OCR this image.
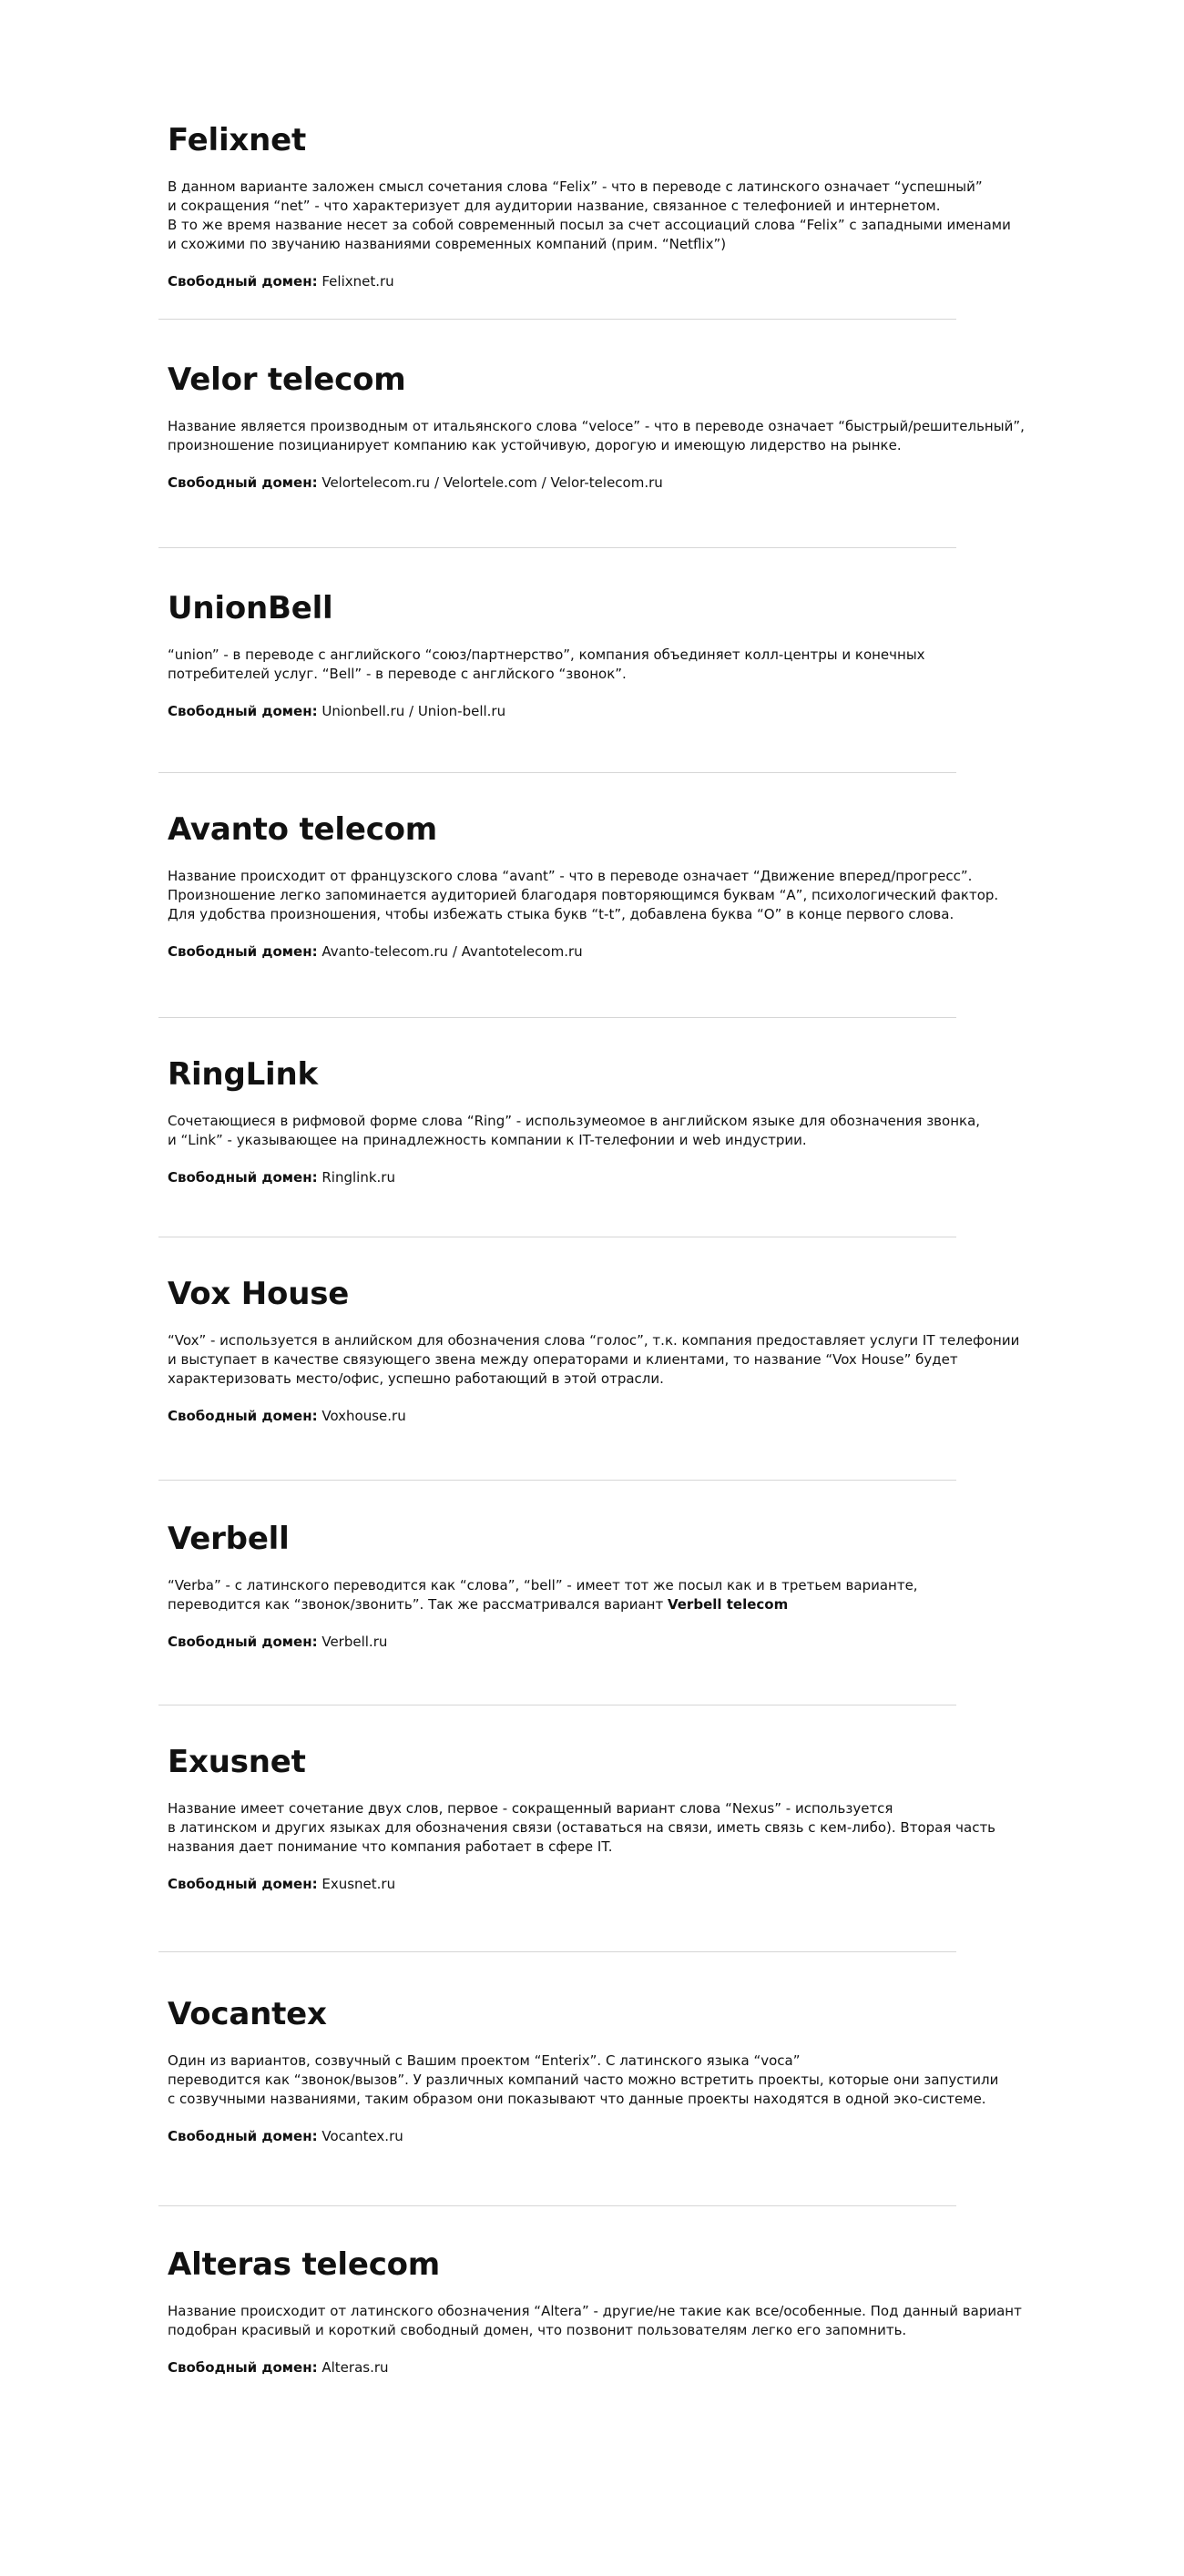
Felixnet
В данном варианте заложен смысл сочетания слова “Felix” - что в переводе с латинского означает “успешный”
и сокращения “net” - что характеризует для аудитории название, связанное с телефонией и интернетом.
В то же время название несет за собой современный посыл за счет ассоциаций слова “Felix” с западными именами
и схожими по звучанию названиями современных компаний (прим. “Netflix”)
Свободный домен: Felixnet.ru
Velor telecom
Название является производным от итальянского слова “veloce” - что в переводе означает “быстрый/решительный”,
произношение позицианирует компанию как устойчивую, дорогую и имеющую лидерство на рынке.
Свободный домен: Velortelecom.ru / Velortele.com / Velor-telecom.ru
UnionBell
“union” - в переводе с английского “союз/партнерство”, компания объединяет колл-центры и конечных
потребителей услуг. “Bell” - в переводе с англйского “звонок”.
Свободный домен: Unionbell.ru / Union-bell.ru
Avanto telecom
Название происходит от французского слова “avant” - что в переводе означает “Движение вперед/прогресс”.
Произношение легко запоминается аудиторией благодаря повторяющимся буквам “А”, психологический фактор.
Для удобства произношения, чтобы избежать стыка букв “t-t”, добавлена буква “О” в конце первого слова.
Свободный домен: Avanto-telecom.ru / Avantotelecom.ru
RingLink
Сочетающиеся в рифмовой форме слова “Ring” - использумеомое в английском языке для обозначения звонка,
и “Link” - указывающее на принадлежность компании к IT-телефонии и web индустрии.
Свободный домен: Ringlink.ru
Vox House
“Vox” - используется в анлийском для обозначения слова “голос”, т.к. компания предоставляет услуги IT телефонии
и выступает в качестве связующего звена между операторами и клиентами, то название “Vox House” будет
характеризовать место/офис, успешно работающий в этой отрасли.
Свободный домен: Voxhouse.ru
Verbell
“Verba” - с латинского переводится как “слова”, “bell” - имеет тот же посыл как и в третьем варианте,
переводится как “звонок/звонить”. Так же рассматривался вариант Verbell telecom
Свободный домен: Verbell.ru
Exusnet
Название имеет сочетание двух слов, первое - сокращенный вариант слова “Nexus” - используется
в латинском и других языках для обозначения связи (оставаться на связи, иметь связь с кем-либо). Вторая часть
названия дает понимание что компания работает в сфере IT.
Свободный домен: Exusnet.ru
Vocantex
Один из вариантов, созвучный с Вашим проектом “Enterix”. С латинского языка “voca”
переводится как “звонок/вызов”. У различных компаний часто можно встретить проекты, которые они запустили
с созвучными названиями, таким образом они показывают что данные проекты находятся в одной эко-системе.
Свободный домен: Vocantex.ru
Alteras telecom
Название происходит от латинского обозначения “Altera” - другие/не такие как все/особенные. Под данный вариант
подобран красивый и короткий свободный домен, что позвонит пользователям легко его запомнить.
Свободный домен: Alteras.ru
